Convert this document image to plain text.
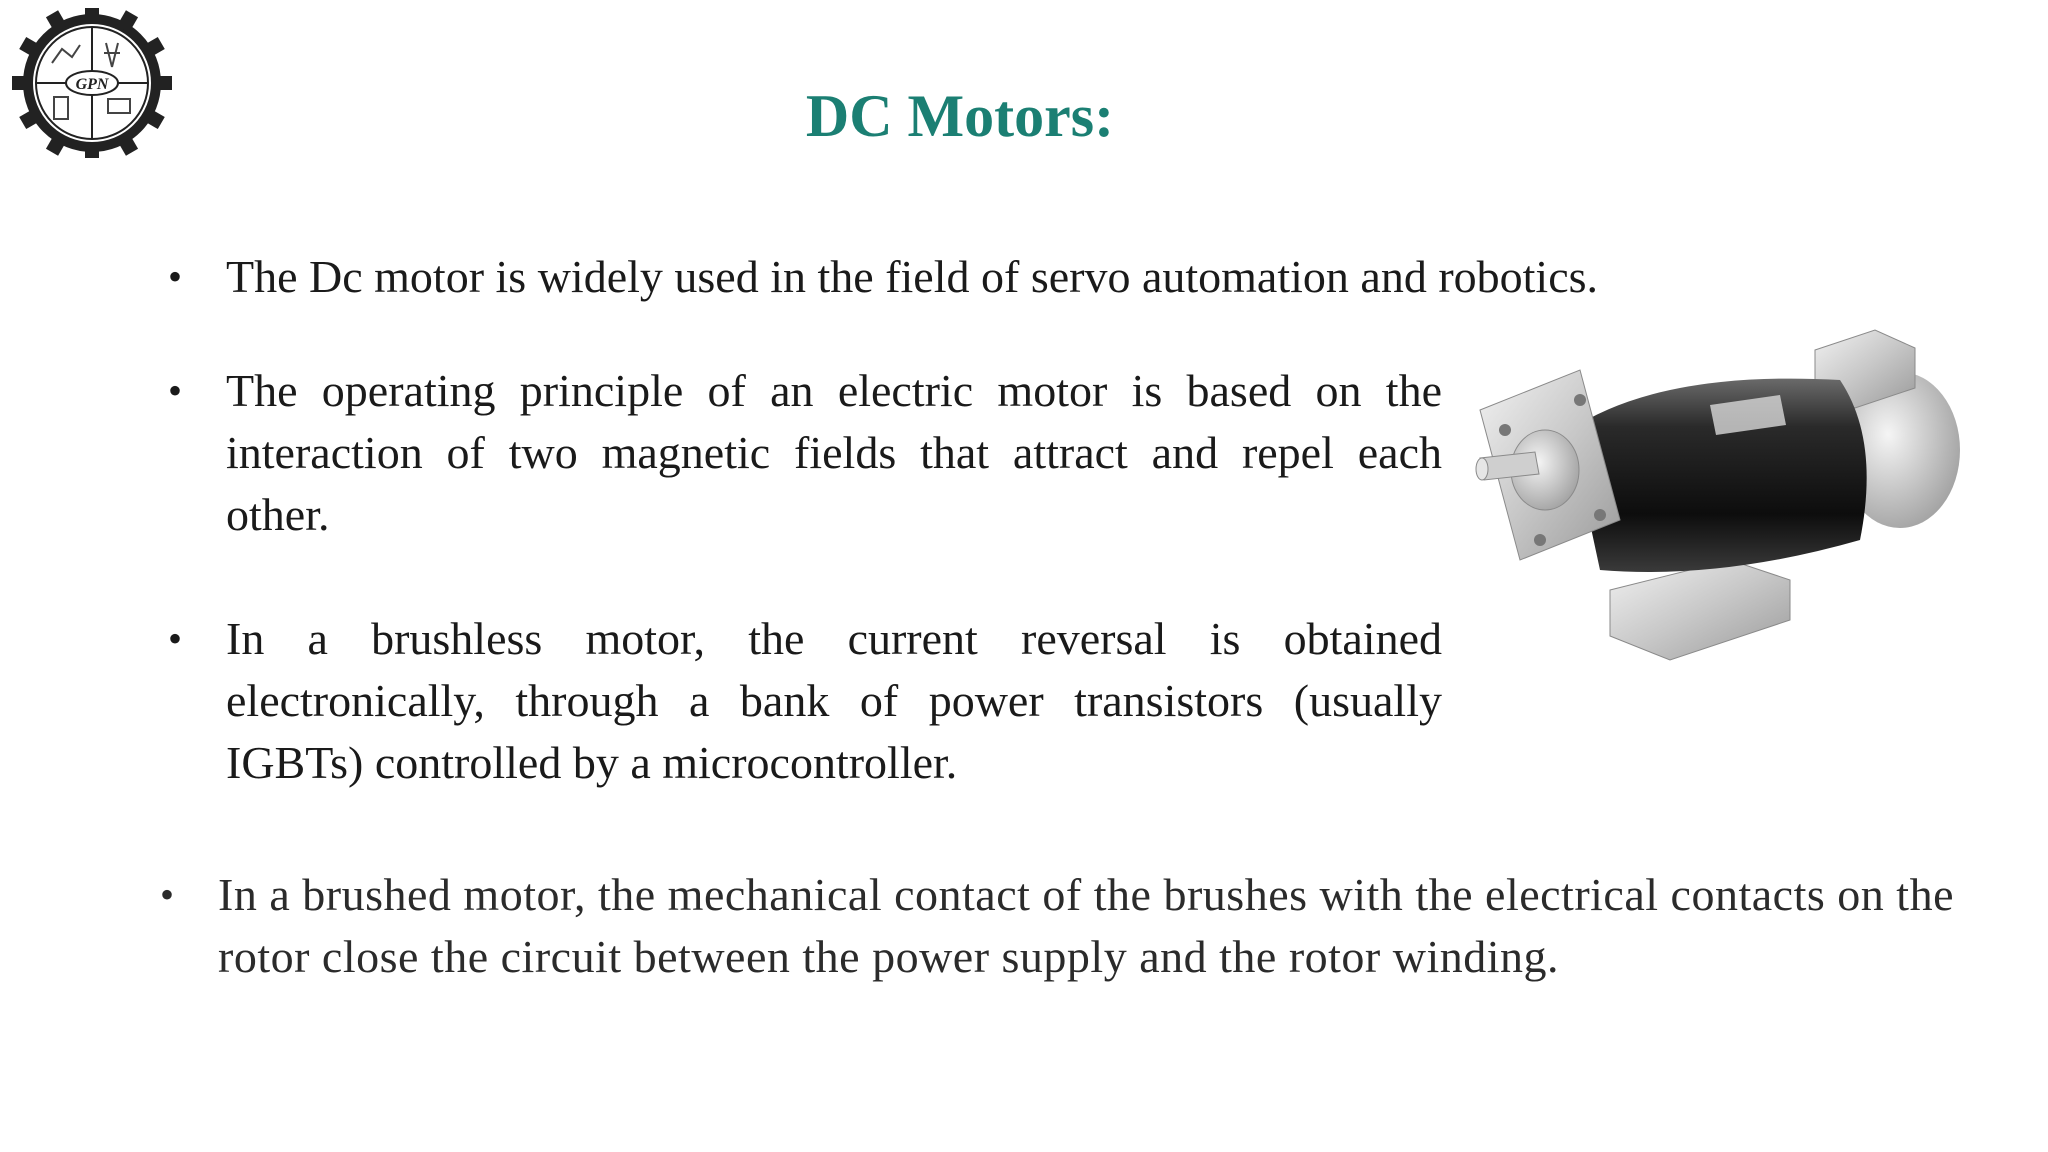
GPN	DC Motors:
• The Dc motor is widely used in the field of servo automation and robotics.
• The operating principle of an electric motor is based on the interaction of two magnetic fields that attract and repel each other.
• In a brushless motor, the current reversal is obtained electronically, through a bank of power transistors (usually IGBTs) controlled by a microcontroller.
• In a brushed motor, the mechanical contact of the brushes with the electrical contacts on the rotor close the circuit between the power supply and the rotor winding.
